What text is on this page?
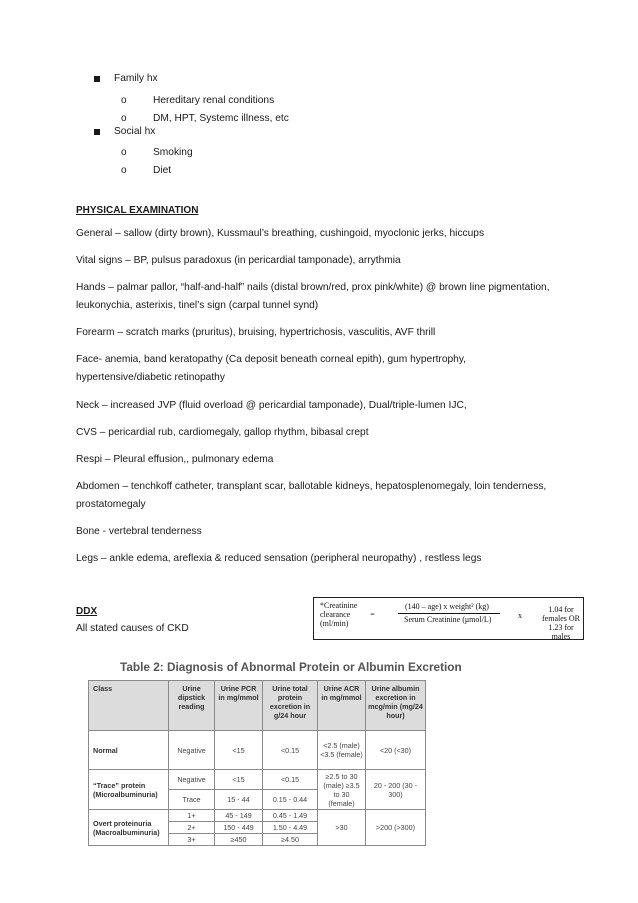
Family hx
o	Hereditary renal conditions
o	DM, HPT, Systemc illness, etc
Social hx
o	Smoking
o	Diet
PHYSICAL EXAMINATION
General – sallow (dirty brown), Kussmaul’s breathing, cushingoid, myoclonic jerks, hiccups
Vital signs – BP, pulsus paradoxus (in pericardial tamponade), arrythmia
Hands – palmar pallor, “half-and-half” nails (distal brown/red, prox pink/white) @ brown line pigmentation, leukonychia, asterixis, tinel’s sign (carpal tunnel synd)
Forearm – scratch marks (pruritus), bruising, hypertrichosis, vasculitis, AVF thrill
Face- anemia, band keratopathy (Ca deposit beneath corneal epith), gum hypertrophy, hypertensive/diabetic retinopathy
Neck – increased JVP (fluid overload @ pericardial tamponade), Dual/triple-lumen IJC,
CVS – pericardial rub, cardiomegaly, gallop rhythm, bibasal crept
Respi – Pleural effusion,, pulmonary edema
Abdomen – tenchkoff catheter, transplant scar, ballotable kidneys, hepatosplenomegaly, loin tenderness, prostatomegaly
Bone - vertebral tenderness
Legs – ankle edema, areflexia & reduced sensation (peripheral neuropathy) , restless legs
DDX
All stated causes of CKD
*Creatinine
clearance	=
(ml/min)
(140 – age) x weight² (kg)
Serum Creatinine (μmol/L)	x
1.04 for females OR
1.23 for males
Table 2: Diagnosis of Abnormal Protein or Albumin Excretion
Class	Urine dipstick reading	Urine PCR in mg/mmol	Urine total protein excretion in g/24 hour	Urine ACR in mg/mmol	Urine albumin excretion in mcg/min (mg/24 hour)
Normal	Negative	<15	<0.15	<2.5 (male) <3.5 (female)	<20 (<30)
“Trace” protein (Microalbuminuria)	Negative	<15	<0.15	≥2.5 to 30 (male) ≥3.5 to 30 (female)	20 - 200 (30 - 300)
	Trace	15 - 44	0.15 - 0.44		
Overt proteinuria (Macroalbuminuria)	1+	45 - 149	0.45 - 1.49	>30	>200 (>300)
	2+	150 - 449	1.50 - 4.49		
	3+	≥450	≥4.50		
